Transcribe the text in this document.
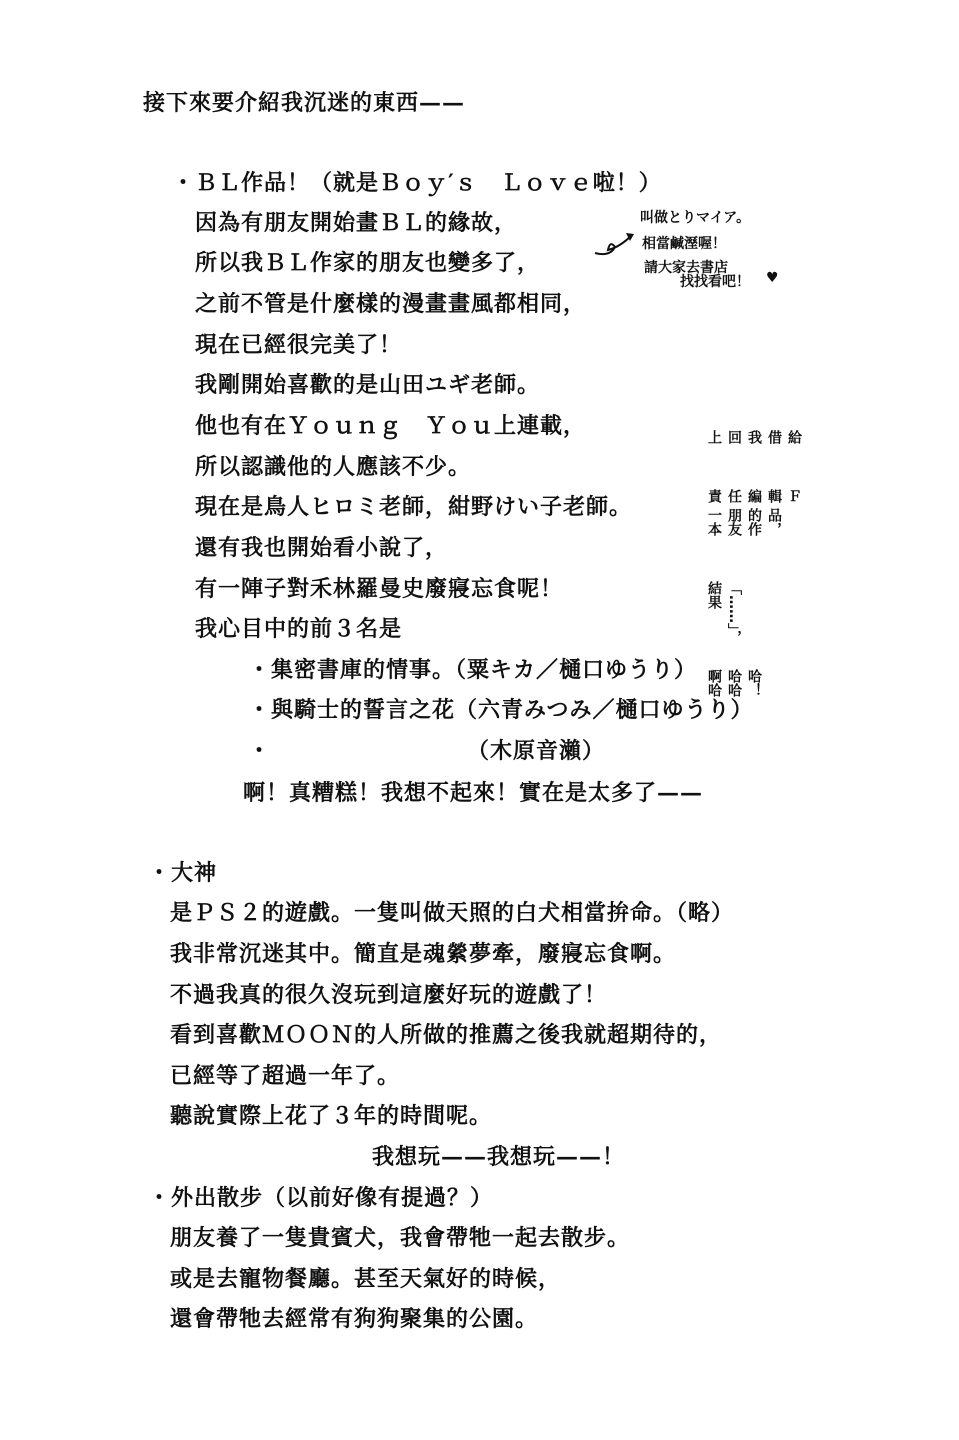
接下來要介紹我沉迷的東西——
・ＢＬ作品！（就是Ｂｏｙ′ｓ　Ｌｏｖｅ啦！）
因為有朋友開始畫ＢＬ的緣故，
所以我ＢＬ作家的朋友也變多了，
之前不管是什麼樣的漫畫畫風都相同，
現在已經很完美了！
我剛開始喜歡的是山田ユギ老師。
他也有在Ｙｏｕｎｇ　Ｙｏｕ上連載，
所以認識他的人應該不少。
現在是鳥人ヒロミ老師，紺野けい子老師。
還有我也開始看小說了，
有一陣子對禾林羅曼史廢寢忘食呢！
我心目中的前３名是
・集密書庫的情事。（粟キカ／樋口ゆうり）
・與騎士的誓言之花（六青みつみ／樋口ゆうり）
・　　　　　　　　　（木原音瀨）
啊！真糟糕！我想不起來！實在是太多了——
叫做とりマイア。
相當鹹溼喔！
請大家去書店
找找看吧！ ♥
上回我借給
責任編輯Ｆ
一本朋友的作品，
結果「……」，
啊哈哈哈哈！
・大神
是ＰＳ２的遊戲。一隻叫做天照的白犬相當拚命。（略）
我非常沉迷其中。簡直是魂縈夢牽，廢寢忘食啊。
不過我真的很久沒玩到這麼好玩的遊戲了！
看到喜歡ＭＯＯＮ的人所做的推薦之後我就超期待的，
已經等了超過一年了。
聽說實際上花了３年的時間呢。
我想玩——我想玩——！
・外出散步（以前好像有提過？）
朋友養了一隻貴賓犬，我會帶牠一起去散步。
或是去寵物餐廳。甚至天氣好的時候，
還會帶牠去經常有狗狗聚集的公園。
